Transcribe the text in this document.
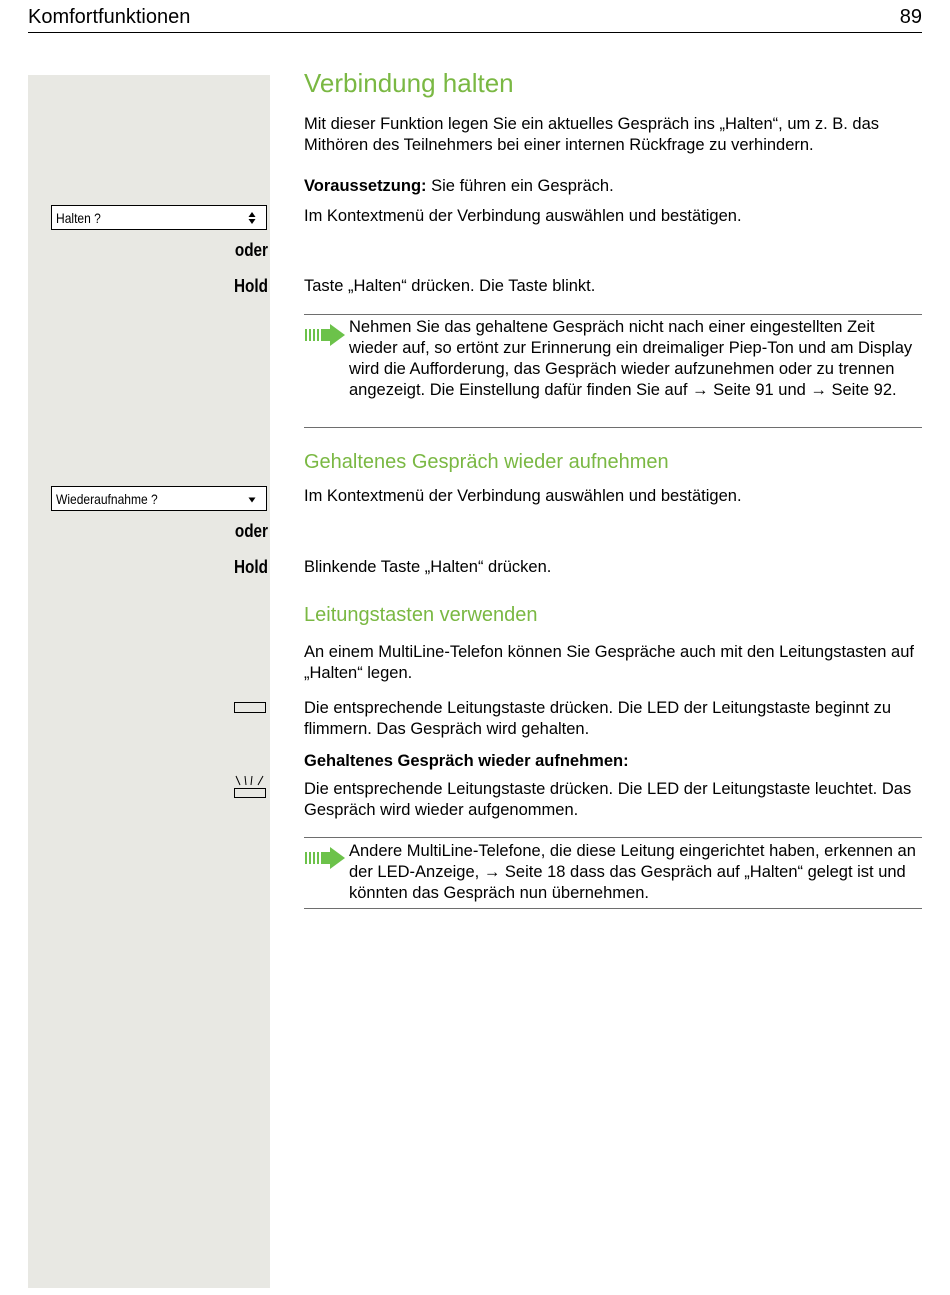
Komfortfunktionen	89
Verbindung halten
Mit dieser Funktion legen Sie ein aktuelles Gespräch ins „Halten“, um z. B. das Mithören des Teilnehmers bei einer internen Rückfrage zu verhindern.
Voraussetzung: Sie führen ein Gespräch.
Halten ?	Im Kontextmenü der Verbindung auswählen und bestätigen.
oder
Hold Taste „Halten“ drücken. Die Taste blinkt.
Nehmen Sie das gehaltene Gespräch nicht nach einer eingestellten Zeit wieder auf, so ertönt zur Erinnerung ein dreimaliger Piep-Ton und am Display wird die Aufforderung, das Gespräch wieder aufzunehmen oder zu trennen angezeigt. Die Einstellung dafür finden Sie auf → Seite 91 und → Seite 92.
Gehaltenes Gespräch wieder aufnehmen
Wiederaufnahme ?	Im Kontextmenü der Verbindung auswählen und bestätigen.
oder
Hold Blinkende Taste „Halten“ drücken.
Leitungstasten verwenden
An einem MultiLine-Telefon können Sie Gespräche auch mit den Leitungstasten auf „Halten“ legen.
Die entsprechende Leitungstaste drücken. Die LED der Leitungstaste beginnt zu flimmern. Das Gespräch wird gehalten.
Gehaltenes Gespräch wieder aufnehmen:
Die entsprechende Leitungstaste drücken. Die LED der Leitungstaste leuchtet. Das Gespräch wird wieder aufgenommen.
Andere MultiLine-Telefone, die diese Leitung eingerichtet haben, erkennen an der LED-Anzeige, → Seite 18 dass das Gespräch auf „Halten“ gelegt ist und könnten das Gespräch nun übernehmen.
